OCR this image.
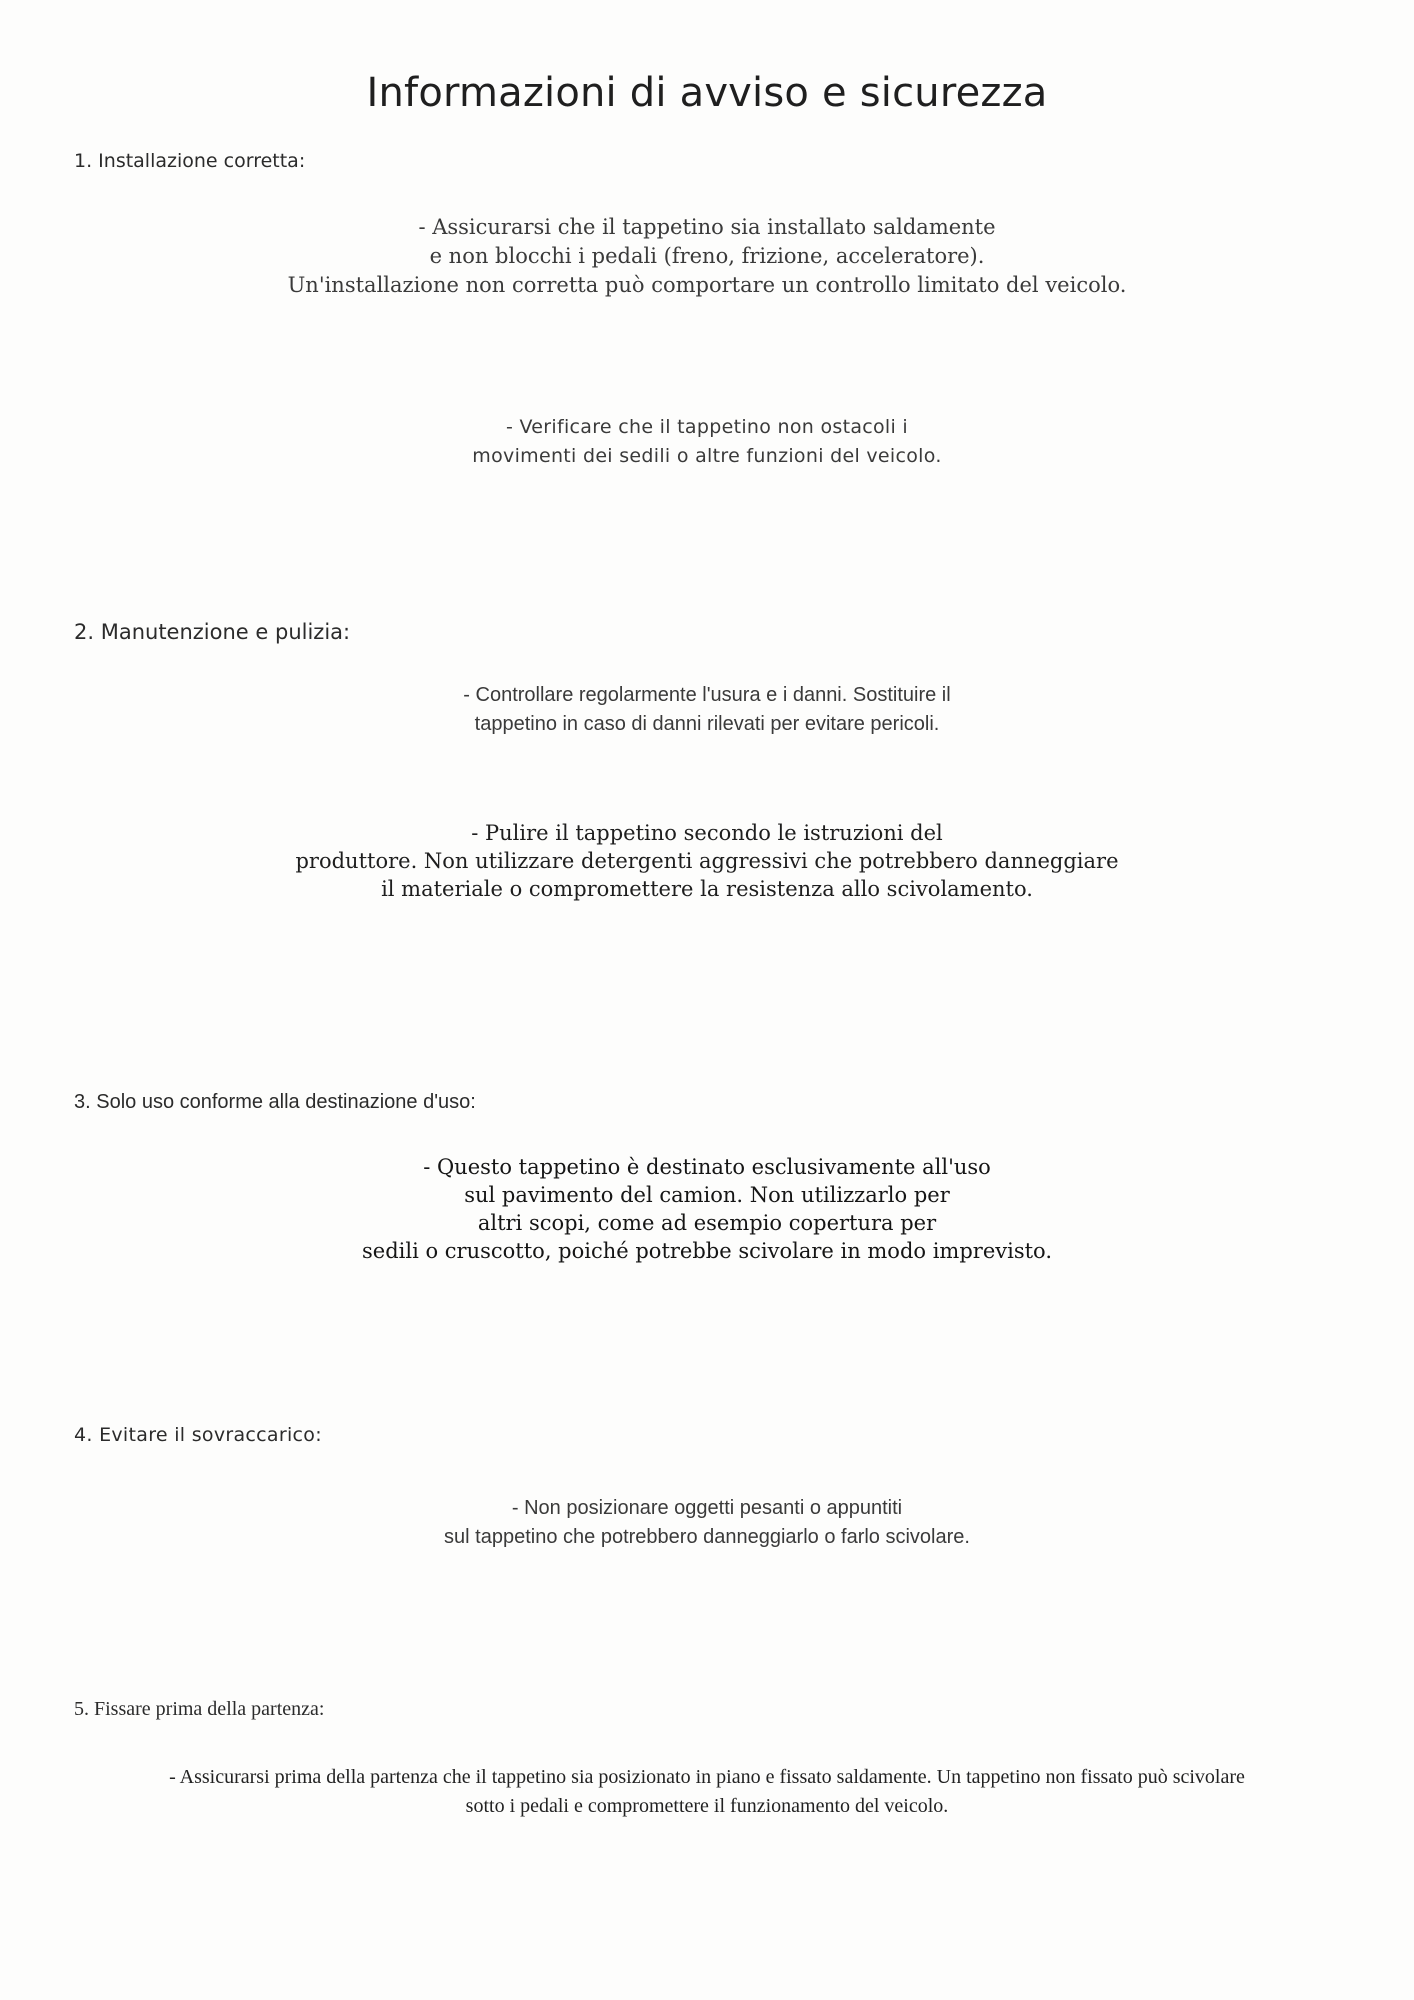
Informazioni di avviso e sicurezza
1. Installazione corretta:

- Assicurarsi che il tappetino sia installato saldamente
e non blocchi i pedali (freno, frizione, acceleratore).
Un'installazione non corretta può comportare un controllo limitato del veicolo.

- Verificare che il tappetino non ostacoli i
movimenti dei sedili o altre funzioni del veicolo.

2. Manutenzione e pulizia:

- Controllare regolarmente l'usura e i danni. Sostituire il
tappetino in caso di danni rilevati per evitare pericoli.

- Pulire il tappetino secondo le istruzioni del
produttore. Non utilizzare detergenti aggressivi che potrebbero danneggiare
il materiale o compromettere la resistenza allo scivolamento.

3. Solo uso conforme alla destinazione d'uso:

- Questo tappetino è destinato esclusivamente all'uso
sul pavimento del camion. Non utilizzarlo per
altri scopi, come ad esempio copertura per
sedili o cruscotto, poiché potrebbe scivolare in modo imprevisto.

4. Evitare il sovraccarico:

- Non posizionare oggetti pesanti o appuntiti
sul tappetino che potrebbero danneggiarlo o farlo scivolare.

5. Fissare prima della partenza:

- Assicurarsi prima della partenza che il tappetino sia posizionato in piano e fissato saldamente. Un tappetino non fissato può scivolare
sotto i pedali e compromettere il funzionamento del veicolo.
